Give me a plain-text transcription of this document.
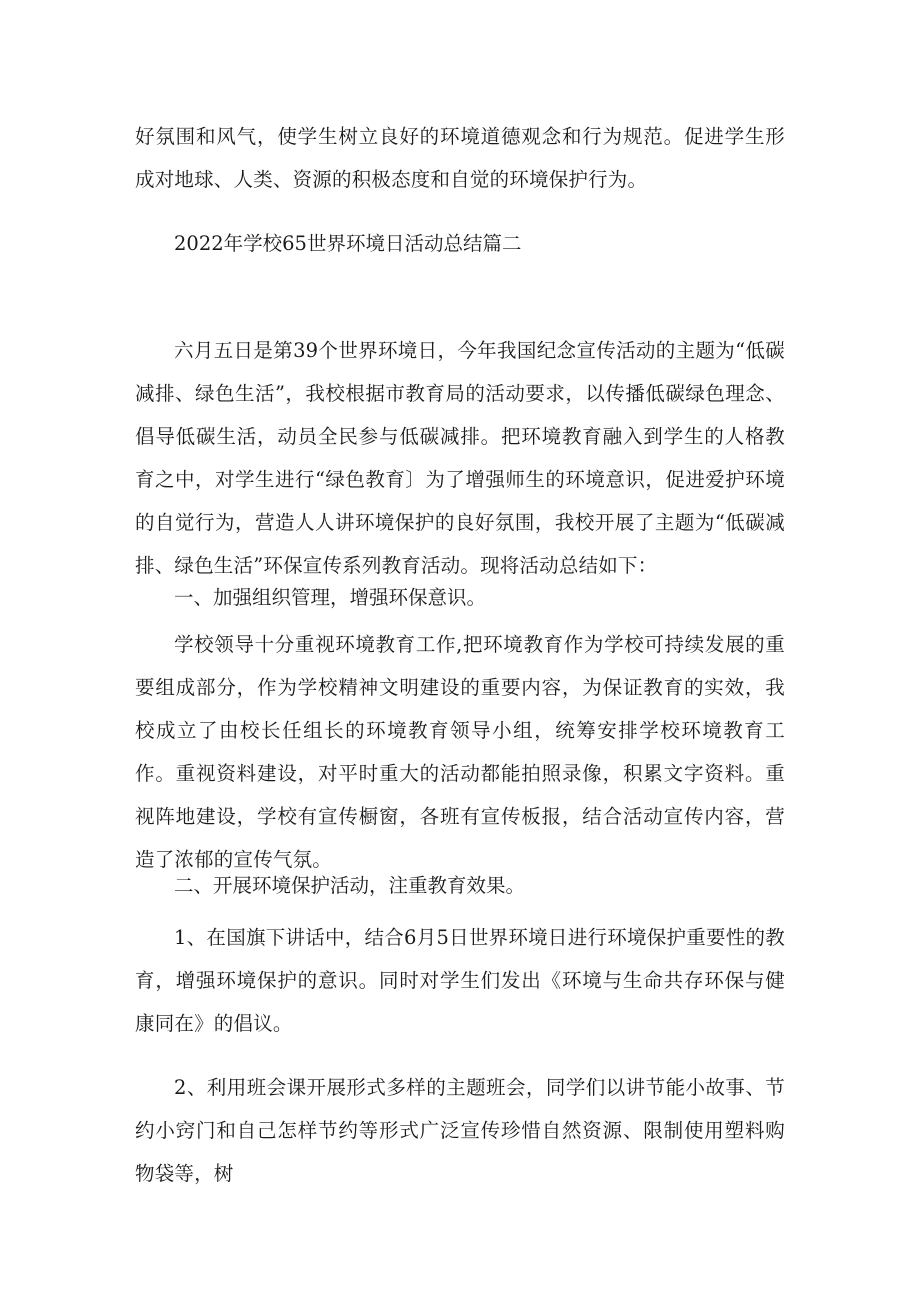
好氛围和风气，使学生树立良好的环境道德观念和行为规范。促进学生形成对地球、人类、资源的积极态度和自觉的环境保护行为。

2022年学校65世界环境日活动总结篇二

六月五日是第39个世界环境日，今年我国纪念宣传活动的主题为“低碳减排、绿色生活”，我校根据市教育局的活动要求，以传播低碳绿色理念、倡导低碳生活，动员全民参与低碳减排。把环境教育融入到学生的人格教育之中，对学生进行“绿色教育〕为了增强师生的环境意识，促进爱护环境的自觉行为，营造人人讲环境保护的良好氛围，我校开展了主题为“低碳减排、绿色生活”环保宣传系列教育活动。现将活动总结如下：

一、加强组织管理，增强环保意识。

学校领导十分重视环境教育工作,把环境教育作为学校可持续发展的重要组成部分，作为学校精神文明建设的重要内容，为保证教育的实效，我校成立了由校长任组长的环境教育领导小组，统筹安排学校环境教育工作。重视资料建设，对平时重大的活动都能拍照录像，积累文字资料。重视阵地建设，学校有宣传橱窗，各班有宣传板报，结合活动宣传内容，营造了浓郁的宣传气氛。

二、开展环境保护活动，注重教育效果。

1、在国旗下讲话中，结合6月5日世界环境日进行环境保护重要性的教育，增强环境保护的意识。同时对学生们发出《环境与生命共存环保与健康同在》的倡议。

2、利用班会课开展形式多样的主题班会，同学们以讲节能小故事、节约小窍门和自己怎样节约等形式广泛宣传珍惜自然资源、限制使用塑料购物袋等，树
